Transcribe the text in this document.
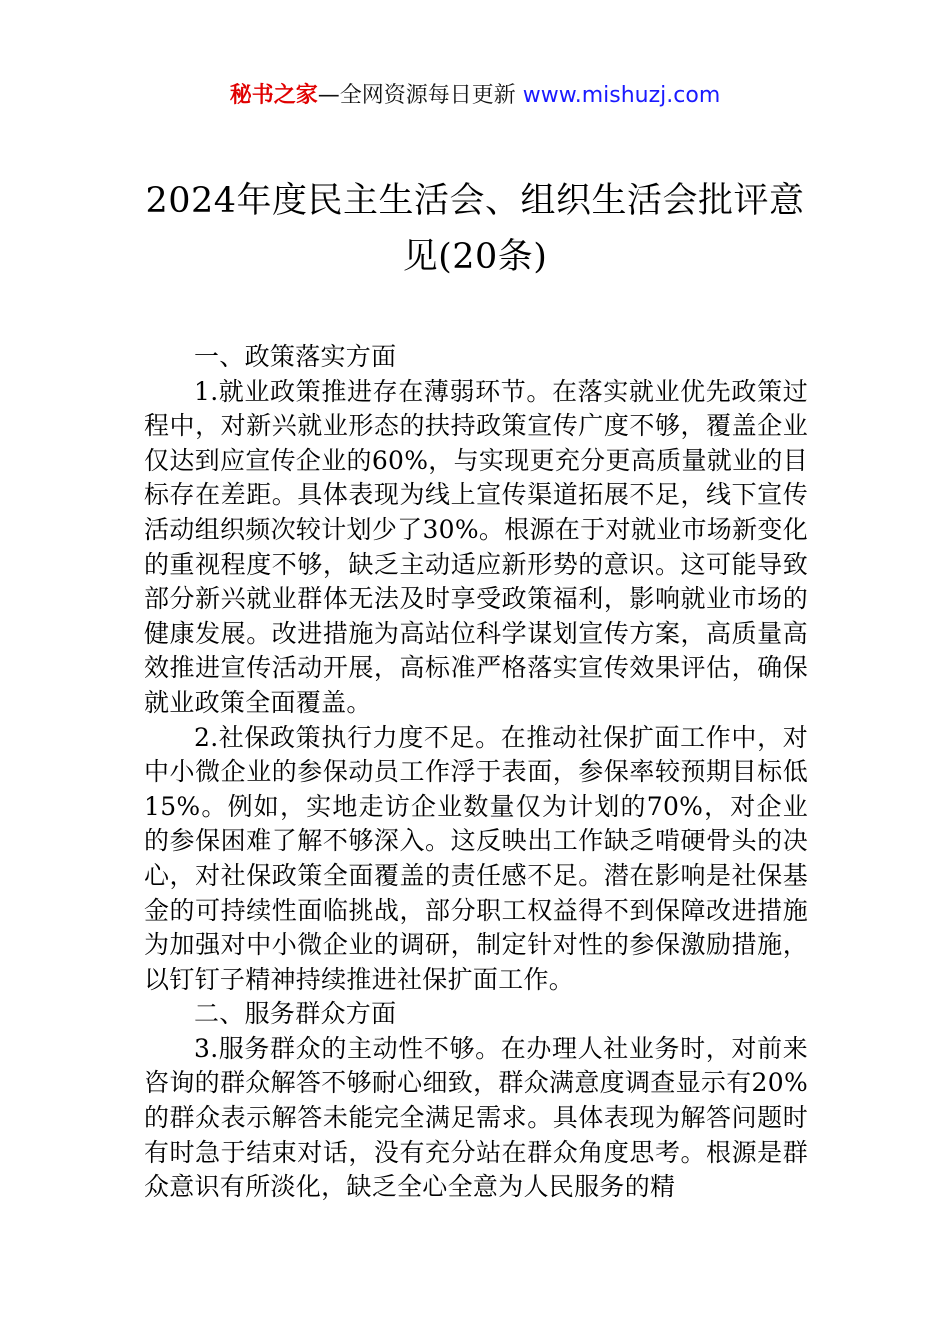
秘书之家—全网资源每日更新 www.mishuzj.com
2024年度民主生活会、组织生活会批评意见(20条)

一、政策落实方面

1.就业政策推进存在薄弱环节。在落实就业优先政策过程中，对新兴就业形态的扶持政策宣传广度不够，覆盖企业仅达到应宣传企业的60%，与实现更充分更高质量就业的目标存在差距。具体表现为线上宣传渠道拓展不足，线下宣传活动组织频次较计划少了30%。根源在于对就业市场新变化的重视程度不够，缺乏主动适应新形势的意识。这可能导致部分新兴就业群体无法及时享受政策福利，影响就业市场的健康发展。改进措施为高站位科学谋划宣传方案，高质量高效推进宣传活动开展，高标准严格落实宣传效果评估，确保就业政策全面覆盖。

2.社保政策执行力度不足。在推动社保扩面工作中，对中小微企业的参保动员工作浮于表面，参保率较预期目标低15%。例如，实地走访企业数量仅为计划的70%，对企业的参保困难了解不够深入。这反映出工作缺乏啃硬骨头的决心，对社保政策全面覆盖的责任感不足。潜在影响是社保基金的可持续性面临挑战，部分职工权益得不到保障改进措施为加强对中小微企业的调研，制定针对性的参保激励措施，以钉钉子精神持续推进社保扩面工作。

二、服务群众方面

3.服务群众的主动性不够。在办理人社业务时，对前来咨询的群众解答不够耐心细致，群众满意度调查显示有20%的群众表示解答未能完全满足需求。具体表现为解答问题时有时急于结束对话，没有充分站在群众角度思考。根源是群众意识有所淡化，缺乏全心全意为人民服务的精
